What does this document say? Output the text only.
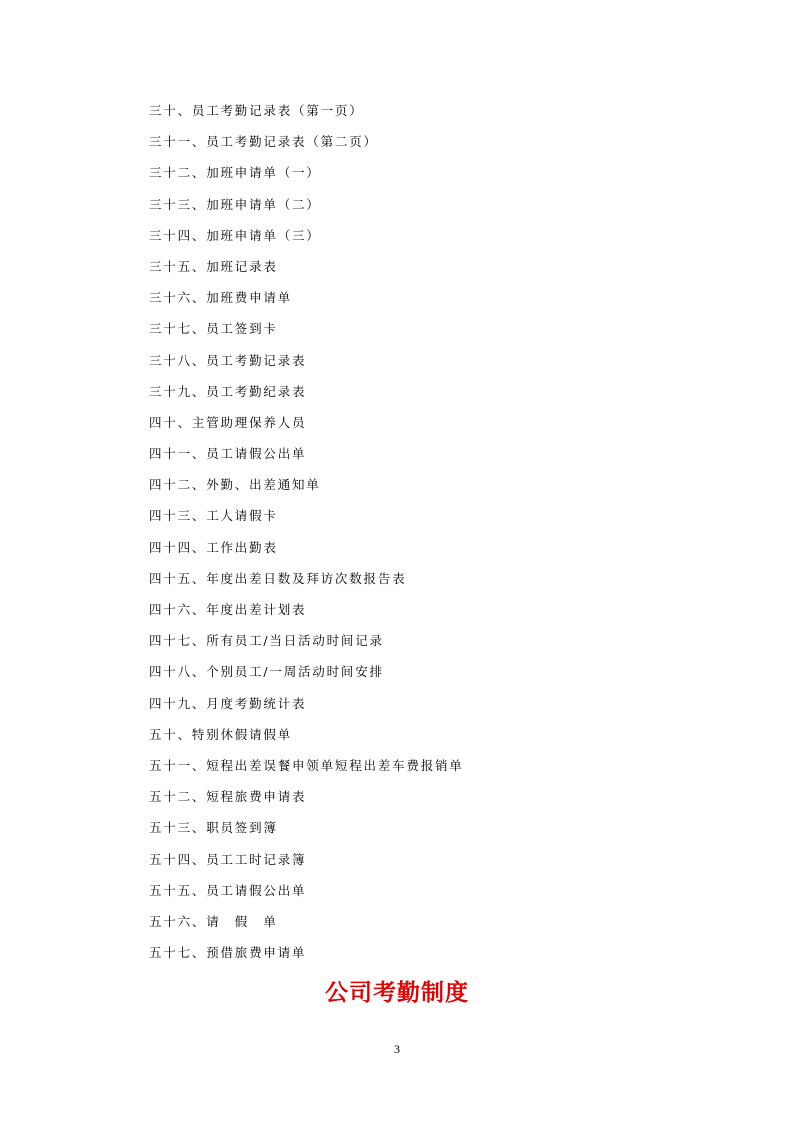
三十、员工考勤记录表（第一页）
三十一、员工考勤记录表（第二页）
三十二、加班申请单（一）
三十三、加班申请单（二）
三十四、加班申请单（三）
三十五、加班记录表
三十六、加班费申请单
三十七、员工签到卡
三十八、员工考勤记录表
三十九、员工考勤纪录表
四十、主管助理保养人员
四十一、员工请假公出单
四十二、外勤、出差通知单
四十三、工人请假卡
四十四、工作出勤表
四十五、年度出差日数及拜访次数报告表
四十六、年度出差计划表
四十七、所有员工/当日活动时间记录
四十八、个别员工/一周活动时间安排
四十九、月度考勤统计表
五十、特别休假请假单
五十一、短程出差误餐申领单短程出差车费报销单
五十二、短程旅费申请表
五十三、职员签到簿
五十四、员工工时记录簿
五十五、员工请假公出单
五十六、请　假　单
五十七、预借旅费申请单
公司考勤制度
3
